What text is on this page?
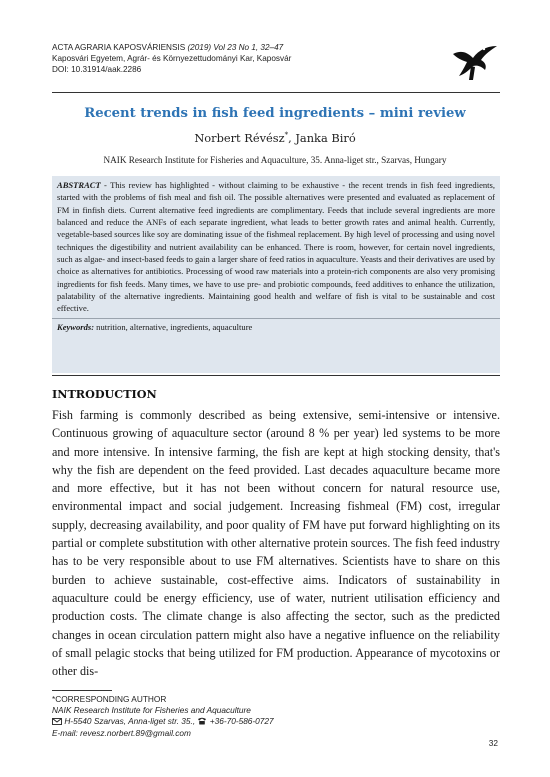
ACTA AGRARIA KAPOSVÁRIENSIS (2019) Vol 23 No 1, 32–47
Kaposvári Egyetem, Agrár- és Környezettudományi Kar, Kaposvár
DOI: 10.31914/aak.2286
Recent trends in fish feed ingredients – mini review
Norbert Révész*, Janka Biró
NAIK Research Institute for Fisheries and Aquaculture, 35. Anna-liget str., Szarvas, Hungary
ABSTRACT - This review has highlighted - without claiming to be exhaustive - the recent trends in fish feed ingredients, started with the problems of fish meal and fish oil. The possible alternatives were presented and evaluated as replacement of FM in finfish diets. Current alternative feed ingredients are complimentary. Feeds that include several ingredients are more balanced and reduce the ANFs of each separate ingredient, what leads to better growth rates and animal health. Currently, vegetable-based sources like soy are dominating issue of the fishmeal replacement. By high level of processing and using novel techniques the digestibility and nutrient availability can be enhanced. There is room, however, for certain novel ingredients, such as algae- and insect-based feeds to gain a larger share of feed ratios in aquaculture. Yeasts and their derivatives are used by choice as alternatives for antibiotics. Processing of wood raw materials into a protein-rich components are also very promising ingredients for fish feeds. Many times, we have to use pre- and probiotic compounds, feed additives to enhance the utilization, palatability of the alternative ingredients. Maintaining good health and welfare of fish is vital to be sustainable and cost effective.
Keywords: nutrition, alternative, ingredients, aquaculture
INTRODUCTION
Fish farming is commonly described as being extensive, semi-intensive or intensive. Continuous growing of aquaculture sector (around 8 % per year) led systems to be more and more intensive. In intensive farming, the fish are kept at high stocking density, that's why the fish are dependent on the feed provided. Last decades aquaculture became more and more effective, but it has not been without concern for natural resource use, environmental impact and social judgement. Increasing fishmeal (FM) cost, irregular supply, decreasing availability, and poor quality of FM have put forward highlighting on its partial or complete substitution with other alternative protein sources. The fish feed industry has to be very responsible about to use FM alternatives. Scientists have to share on this burden to achieve sustainable, cost-effective aims. Indicators of sustainability in aquaculture could be energy efficiency, use of water, nutrient utilisation efficiency and production costs. The climate change is also affecting the sector, such as the predicted changes in ocean circulation pattern might also have a negative influence on the reliability of small pelagic stocks that being utilized for FM production. Appearance of mycotoxins or other dis-
*CORRESPONDING AUTHOR
NAIK Research Institute for Fisheries and Aquaculture
H-5540 Szarvas, Anna-liget str. 35.,  +36-70-586-0727
E-mail: revesz.norbert.89@gmail.com
32
